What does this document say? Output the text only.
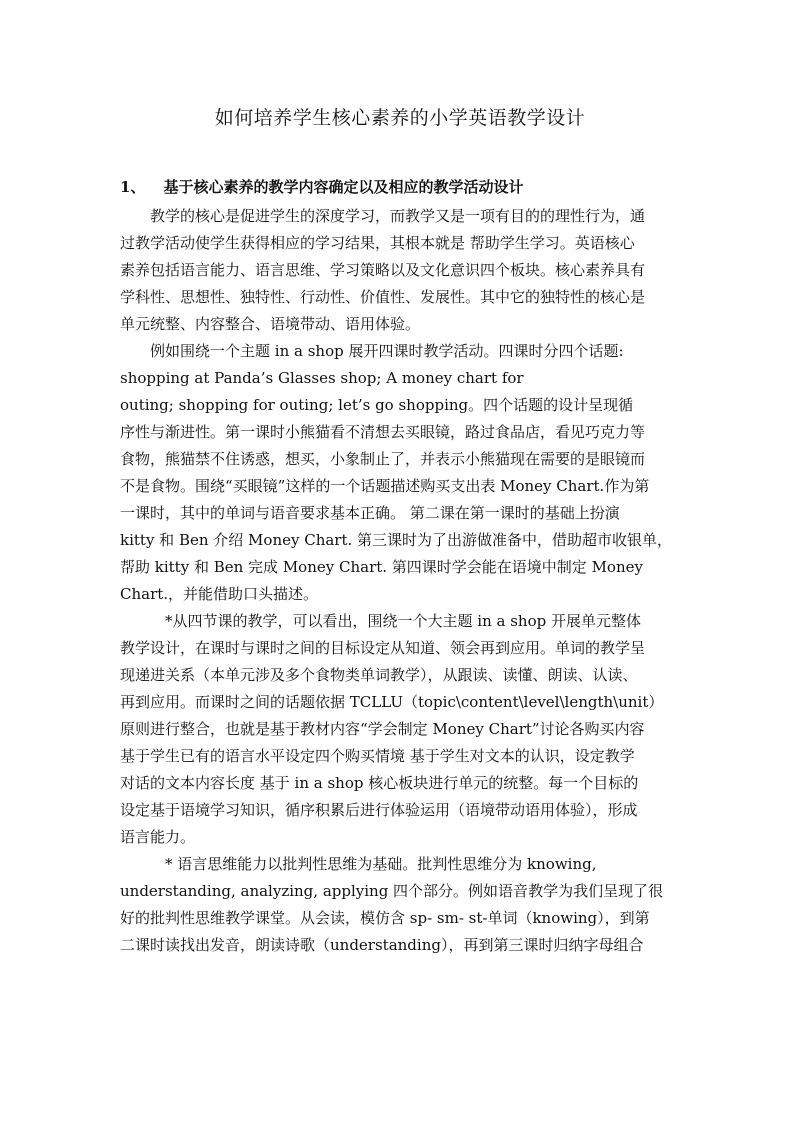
如何培养学生核心素养的小学英语教学设计
1、 基于核心素养的教学内容确定以及相应的教学活动设计
　　教学的核心是促进学生的深度学习，而教学又是一项有目的的理性行为，通
过教学活动使学生获得相应的学习结果，其根本就是 帮助学生学习。英语核心
素养包括语言能力、语言思维、学习策略以及文化意识四个板块。核心素养具有
学科性、思想性、独特性、行动性、价值性、发展性。其中它的独特性的核心是
单元统整、内容整合、语境带动、语用体验。
　　例如围绕一个主题 in a shop 展开四课时教学活动。四课时分四个话题:
shopping at Panda’s Glasses shop; A money chart for
outing; shopping for outing; let’s go shopping。四个话题的设计呈现循
序性与渐进性。第一课时小熊猫看不清想去买眼镜，路过食品店，看见巧克力等
食物，熊猫禁不住诱惑，想买，小象制止了，并表示小熊猫现在需要的是眼镜而
不是食物。围绕“买眼镜”这样的一个话题描述购买支出表 Money Chart.作为第
一课时，其中的单词与语音要求基本正确。 第二课在第一课时的基础上扮演
kitty 和 Ben 介绍 Money Chart. 第三课时为了出游做准备中，借助超市收银单，
帮助 kitty 和 Ben 完成 Money Chart. 第四课时学会能在语境中制定 Money
Chart.，并能借助口头描述。
　　　*从四节课的教学，可以看出，围绕一个大主题 in a shop 开展单元整体
教学设计，在课时与课时之间的目标设定从知道、领会再到应用。单词的教学呈
现递进关系（本单元涉及多个食物类单词教学），从跟读、读懂、朗读、认读、
再到应用。而课时之间的话题依据 TCLLU（topic\content\level\length\unit）
原则进行整合，也就是基于教材内容“学会制定 Money Chart”讨论各购买内容
基于学生已有的语言水平设定四个购买情境 基于学生对文本的认识，设定教学
对话的文本内容长度 基于 in a shop 核心板块进行单元的统整。每一个目标的
设定基于语境学习知识，循序积累后进行体验运用（语境带动语用体验），形成
语言能力。
　　　* 语言思维能力以批判性思维为基础。批判性思维分为 knowing,
understanding, analyzing, applying 四个部分。例如语音教学为我们呈现了很
好的批判性思维教学课堂。从会读，模仿含 sp- sm- st-单词（knowing），到第
二课时读找出发音，朗读诗歌（understanding），再到第三课时归纳字母组合
